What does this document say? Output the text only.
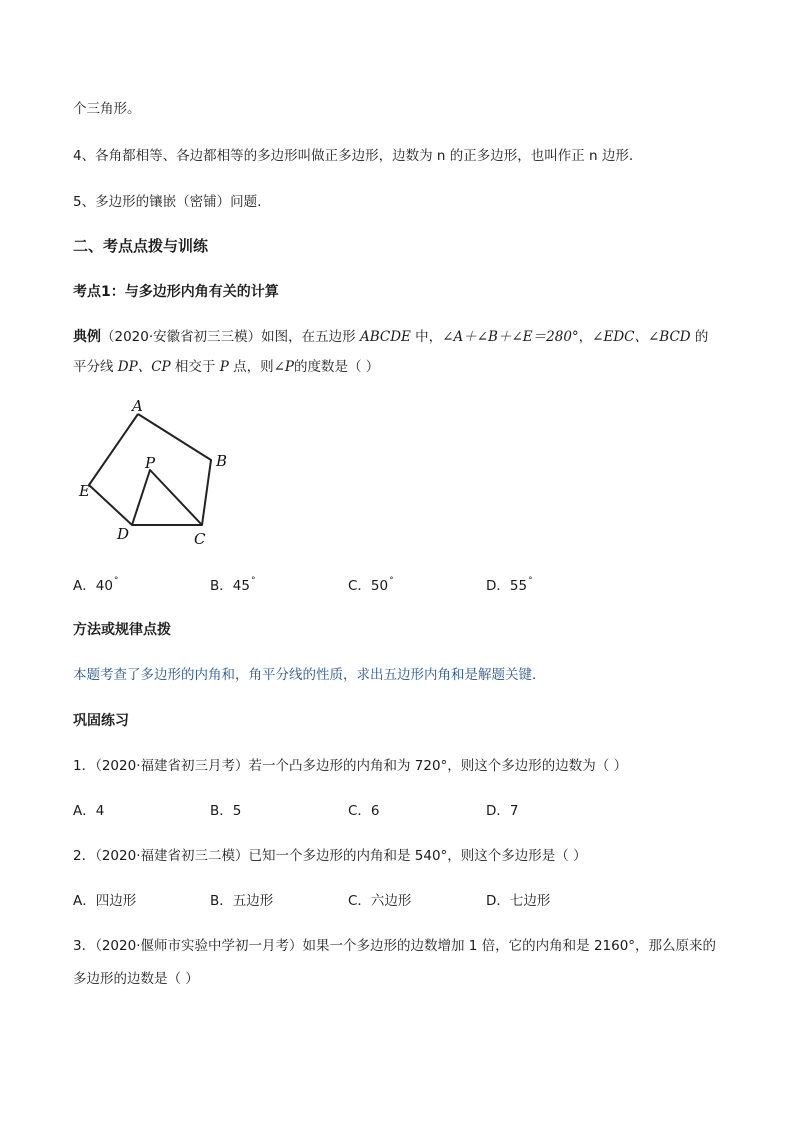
个三角形。
4、各角都相等、各边都相等的多边形叫做正多边形，边数为 n 的正多边形，也叫作正 n 边形.
5、多边形的镶嵌（密铺）问题.
二、考点点拨与训练
考点1：与多边形内角有关的计算
典例（2020·安徽省初三三模）如图，在五边形 ABCDE 中，∠A＋∠B＋∠E＝280°，∠EDC、∠BCD 的
平分线 DP、CP 相交于 P 点，则∠P的度数是（ ）
A
B
C
D
E
P
A．40°	B．45°	C．50°	D．55°
方法或规律点拨
本题考查了多边形的内角和，角平分线的性质，求出五边形内角和是解题关键．
巩固练习
1．（2020·福建省初三月考）若一个凸多边形的内角和为 720°，则这个多边形的边数为（ ）
A．4	B．5	C．6	D．7
2．（2020·福建省初三二模）已知一个多边形的内角和是 540°，则这个多边形是（ ）
A．四边形	B．五边形	C．六边形	D．七边形
3．（2020·偃师市实验中学初一月考）如果一个多边形的边数增加 1 倍，它的内角和是 2160°，那么原来的
多边形的边数是（ ）
